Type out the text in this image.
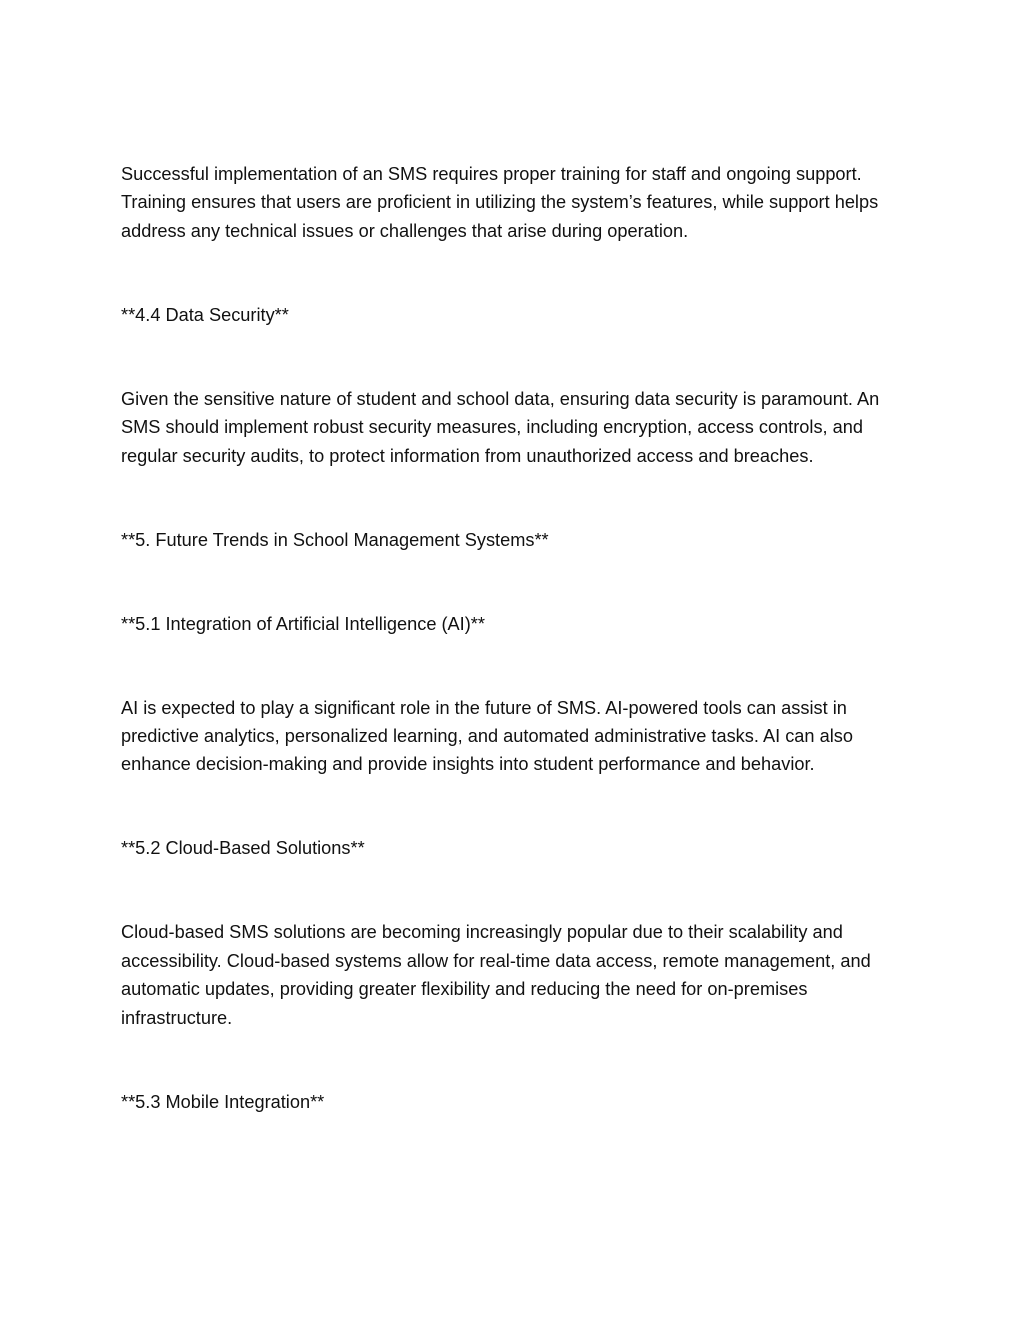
Successful implementation of an SMS requires proper training for staff and ongoing support. Training ensures that users are proficient in utilizing the system’s features, while support helps address any technical issues or challenges that arise during operation.

**4.4 Data Security**

Given the sensitive nature of student and school data, ensuring data security is paramount. An SMS should implement robust security measures, including encryption, access controls, and regular security audits, to protect information from unauthorized access and breaches.

**5. Future Trends in School Management Systems**

**5.1 Integration of Artificial Intelligence (AI)**

AI is expected to play a significant role in the future of SMS. AI-powered tools can assist in predictive analytics, personalized learning, and automated administrative tasks. AI can also enhance decision-making and provide insights into student performance and behavior.

**5.2 Cloud-Based Solutions**

Cloud-based SMS solutions are becoming increasingly popular due to their scalability and accessibility. Cloud-based systems allow for real-time data access, remote management, and automatic updates, providing greater flexibility and reducing the need for on-premises infrastructure.

**5.3 Mobile Integration**
